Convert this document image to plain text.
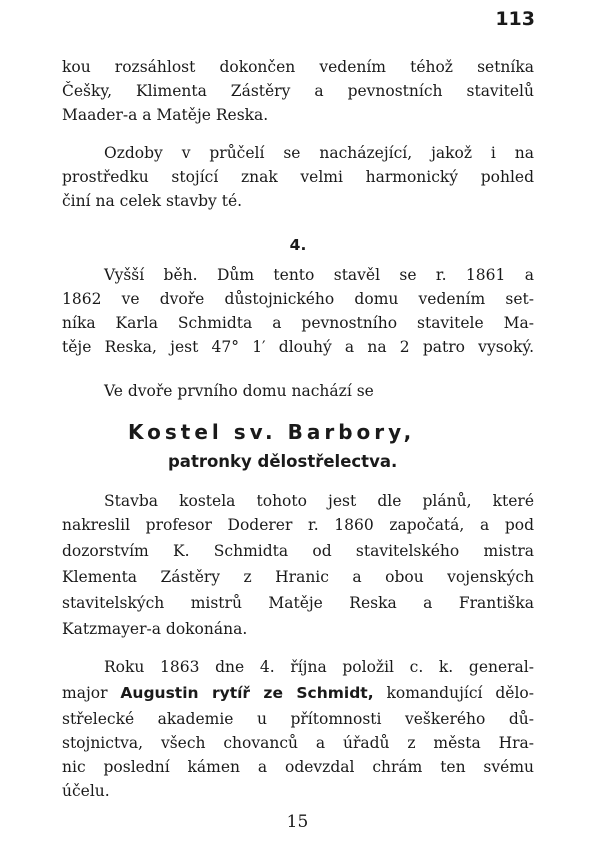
113
kou rozsáhlost dokončen vedením téhož setníka
Češky, Klimenta Zástěry a pevnostních stavitelů
Maader-a a Matěje Reska.
Ozdoby v průčelí se nacházející, jakož i na
prostředku stojící znak velmi harmonický pohled
činí na celek stavby té.
4.
Vyšší běh. Dům tento stavěl se r. 1861 a
1862 ve dvoře důstojnického domu vedením set-
níka Karla Schmidta a pevnostního stavitele Ma-
těje Reska, jest 47° 1′ dlouhý a na 2 patro vysoký.
Ve dvoře prvního domu nachází se
Kostel sv. Barbory,
patronky dělostřelectva.
Stavba kostela tohoto jest dle plánů, které
nakreslil profesor Doderer r. 1860 započatá, a pod
dozorstvím K. Schmidta od stavitelského mistra
Klementa Zástěry z Hranic a obou vojenských
stavitelských mistrů Matěje Reska a Františka
Katzmayer-a dokonána.
Roku 1863 dne 4. října položil c. k. general-
major Augustin rytíř ze Schmidt, komandující dělo-
střelecké akademie u přítomnosti veškerého dů-
stojnictva, všech chovanců a úřadů z města Hra-
nic poslední kámen a odevzdal chrám ten svému
účelu.
15
